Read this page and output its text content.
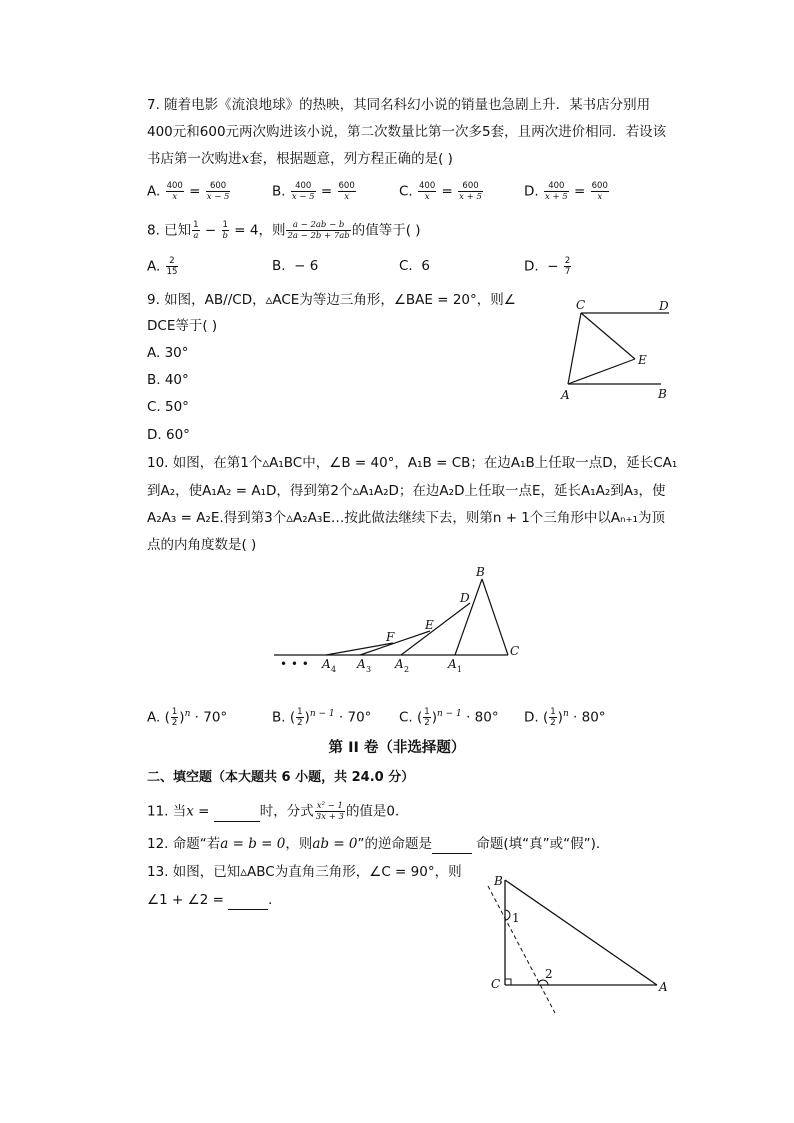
7. 随着电影《流浪地球》的热映，其同名科幻小说的销量也急剧上升．某书店分别用
400元和600元两次购进该小说，第二次数量比第一次多5套，且两次进价相同．若设该
书店第一次购进x套，根据题意，列方程正确的是( )
A. $\frac{400}{x} = \frac{600}{x - 5}$	B. $\frac{400}{x - 5} = \frac{600}{x}$	C. $\frac{400}{x} = \frac{600}{x + 5}$	D. $\frac{400}{x + 5} = \frac{600}{x}$
8. 已知 $\frac{1}{a} - \frac{1}{b} = 4$，则 $\frac{a - 2ab - b}{2a - 2b + 7ab}$ 的值等于( )
A. $\frac{2}{15}$	B. − 6	C. 6	D. − $\frac{2}{7}$
9. 如图，AB//CD，▵ACE为等边三角形，∠BAE = 20°，则∠
DCE等于( )
A. 30°
B. 40°
C. 50°
D. 60°
C	D
E
A	B
10. 如图，在第1个▵A₁BC中，∠B = 40°，A₁B = CB；在边A₁B上任取一点D，延长CA₁
到A₂，使A₁A₂ = A₁D，得到第2个▵A₁A₂D；在边A₂D上任取一点E，延长A₁A₂到A₃，使
A₂A₃ = A₂E.得到第3个▵A₂A₃E…按此做法继续下去，则第n + 1个三角形中以Aₙ₊₁为顶
点的内角度数是( )
B
D
E
F
C
• • • A 4 A 3 A 2	A 1
A. ( $\frac{1}{2} )^n \cdot 70^\circ$	B. ( $\frac{1}{2} )^{n - 1} \cdot 70^\circ$ C. ( $\frac{1}{2} )^{n - 1} \cdot 80^\circ$ D. ( $\frac{1}{2} )^n \cdot 80^\circ$
第 II 卷（非选择题）
二、填空题（本大题共 6 小题，共 24.0 分）
11. 当x =	时，分式 $\frac{\text{x² − 1}}{3x + 3}$ 的值是0．
12. 命题“若a = b = 0，则ab = 0”的逆命题是	命题(填“真”或“假”)．
13. 如图，已知▵ABC为直角三角形，∠C = 90°，则
∠1 + ∠2 =	．
B
C	A
1
2
